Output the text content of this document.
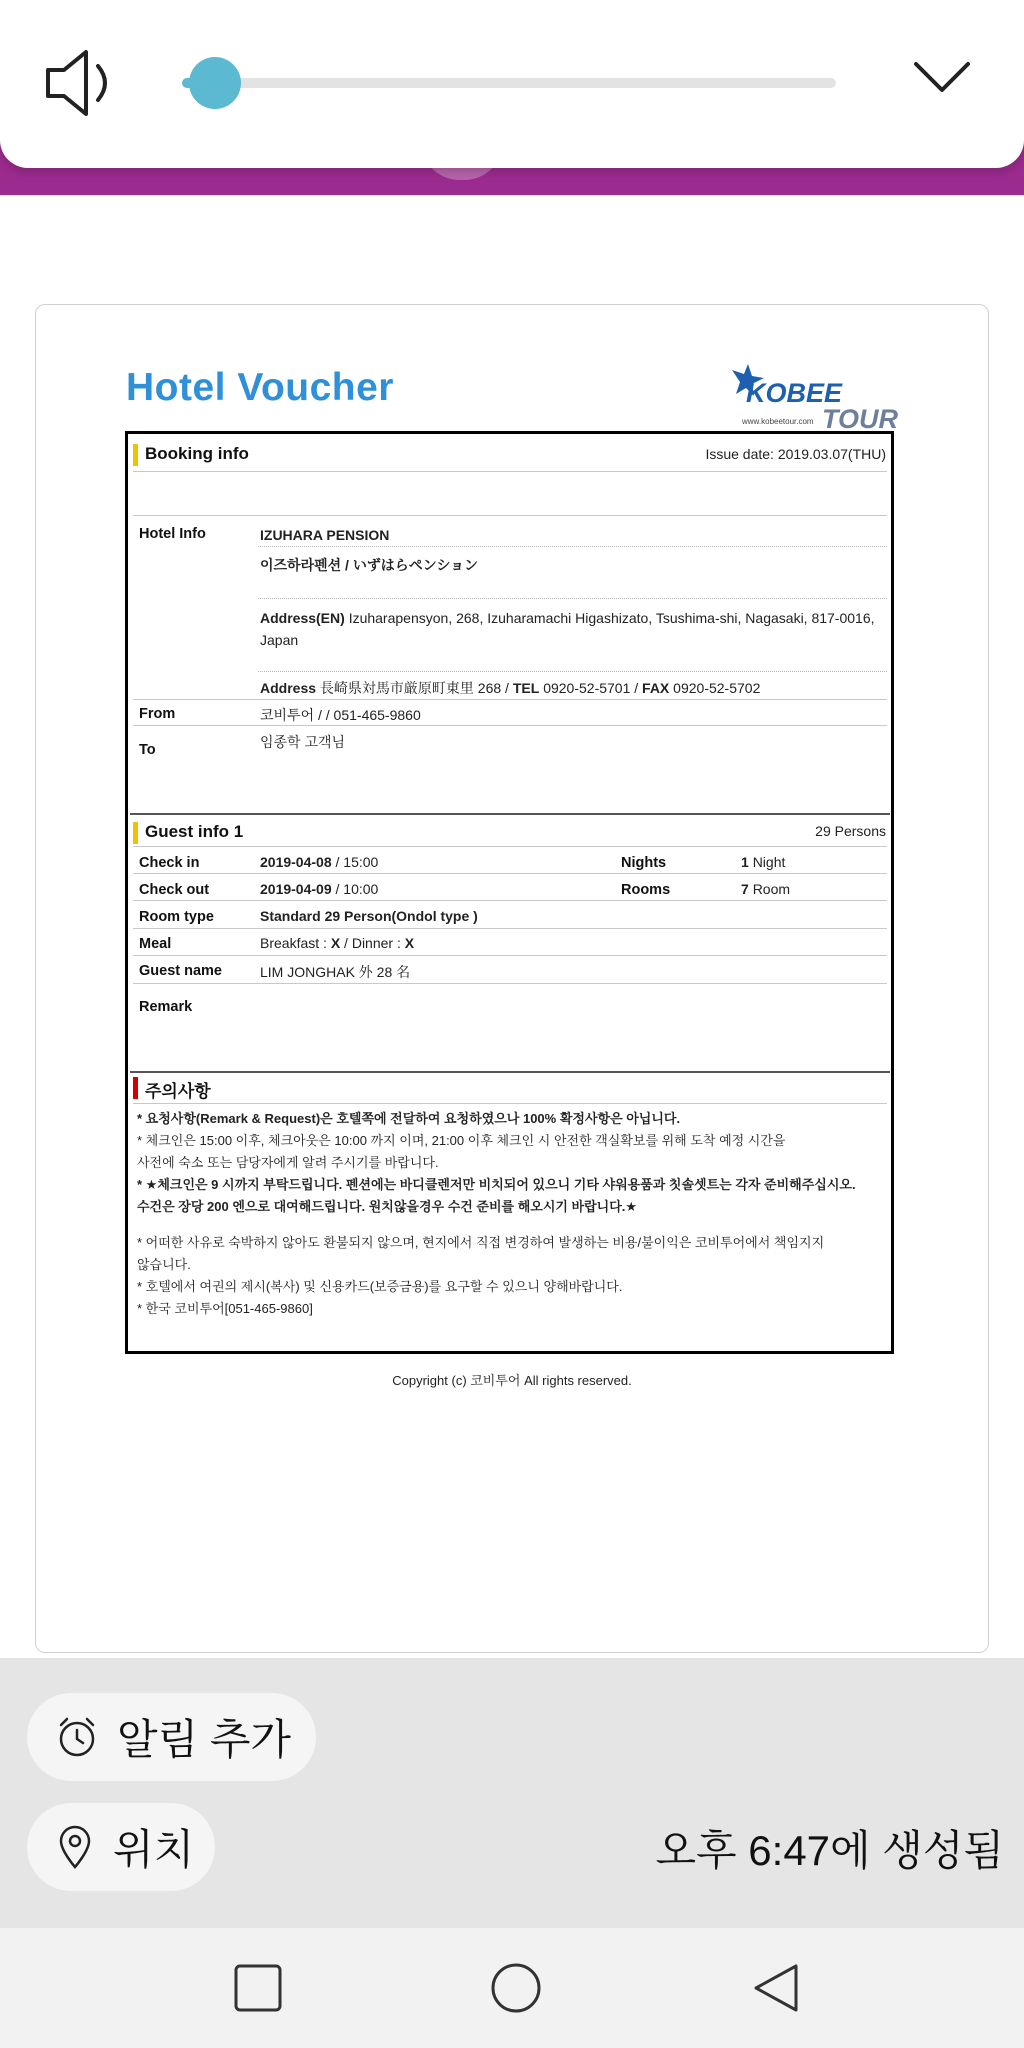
Hotel Voucher	KOBEE
TOUR
www.kobeetour.com
Booking info	Issue date: 2019.03.07(THU)
Hotel Info	IZUHARA PENSION
이즈하라펜션 / いずはらペンション
Address(EN) Izuharapensyon, 268, Izuharamachi Higashizato, Tsushima-shi, Nagasaki, 817-0016, Japan
Address 長崎県対馬市厳原町東里 268 / TEL 0920-52-5701 / FAX 0920-52-5702
From	코비투어 / / 051-465-9860
To	임종학 고객님
Guest info 1	29 Persons
Check in	2019-04-08 / 15:00	Nights	1 Night
Check out	2019-04-09 / 10:00	Rooms	7 Room
Room type	Standard 29 Person(Ondol type )
Meal	Breakfast : X / Dinner : X
Guest name	LIM JONGHAK 外 28 名
Remark
주의사항
* 요청사항(Remark & Request)은 호텔쪽에 전달하여 요청하였으나 100% 확정사항은 아닙니다.
* 체크인은 15:00 이후, 체크아웃은 10:00 까지 이며, 21:00 이후 체크인 시 안전한 객실확보를 위해 도착 예정 시간을
사전에 숙소 또는 담당자에게 알려 주시기를 바랍니다.
* ★체크인은 9 시까지 부탁드립니다. 펜션에는 바디클렌저만 비치되어 있으니 기타 샤워용품과 칫솔셋트는 각자 준비해주십시오.
수건은 장당 200 엔으로 대여해드립니다. 원치않을경우 수건 준비를 해오시기 바랍니다.★
* 어떠한 사유로 숙박하지 않아도 환불되지 않으며, 현지에서 직접 변경하여 발생하는 비용/불이익은 코비투어에서 책임지지
않습니다.
* 호텔에서 여권의 제시(복사) 및 신용카드(보증금용)를 요구할 수 있으니 양해바랍니다.
* 한국 코비투어[051-465-9860]
Copyright (c) 코비투어 All rights reserved.
알림 추가
위치	오후 6:47에 생성됨
